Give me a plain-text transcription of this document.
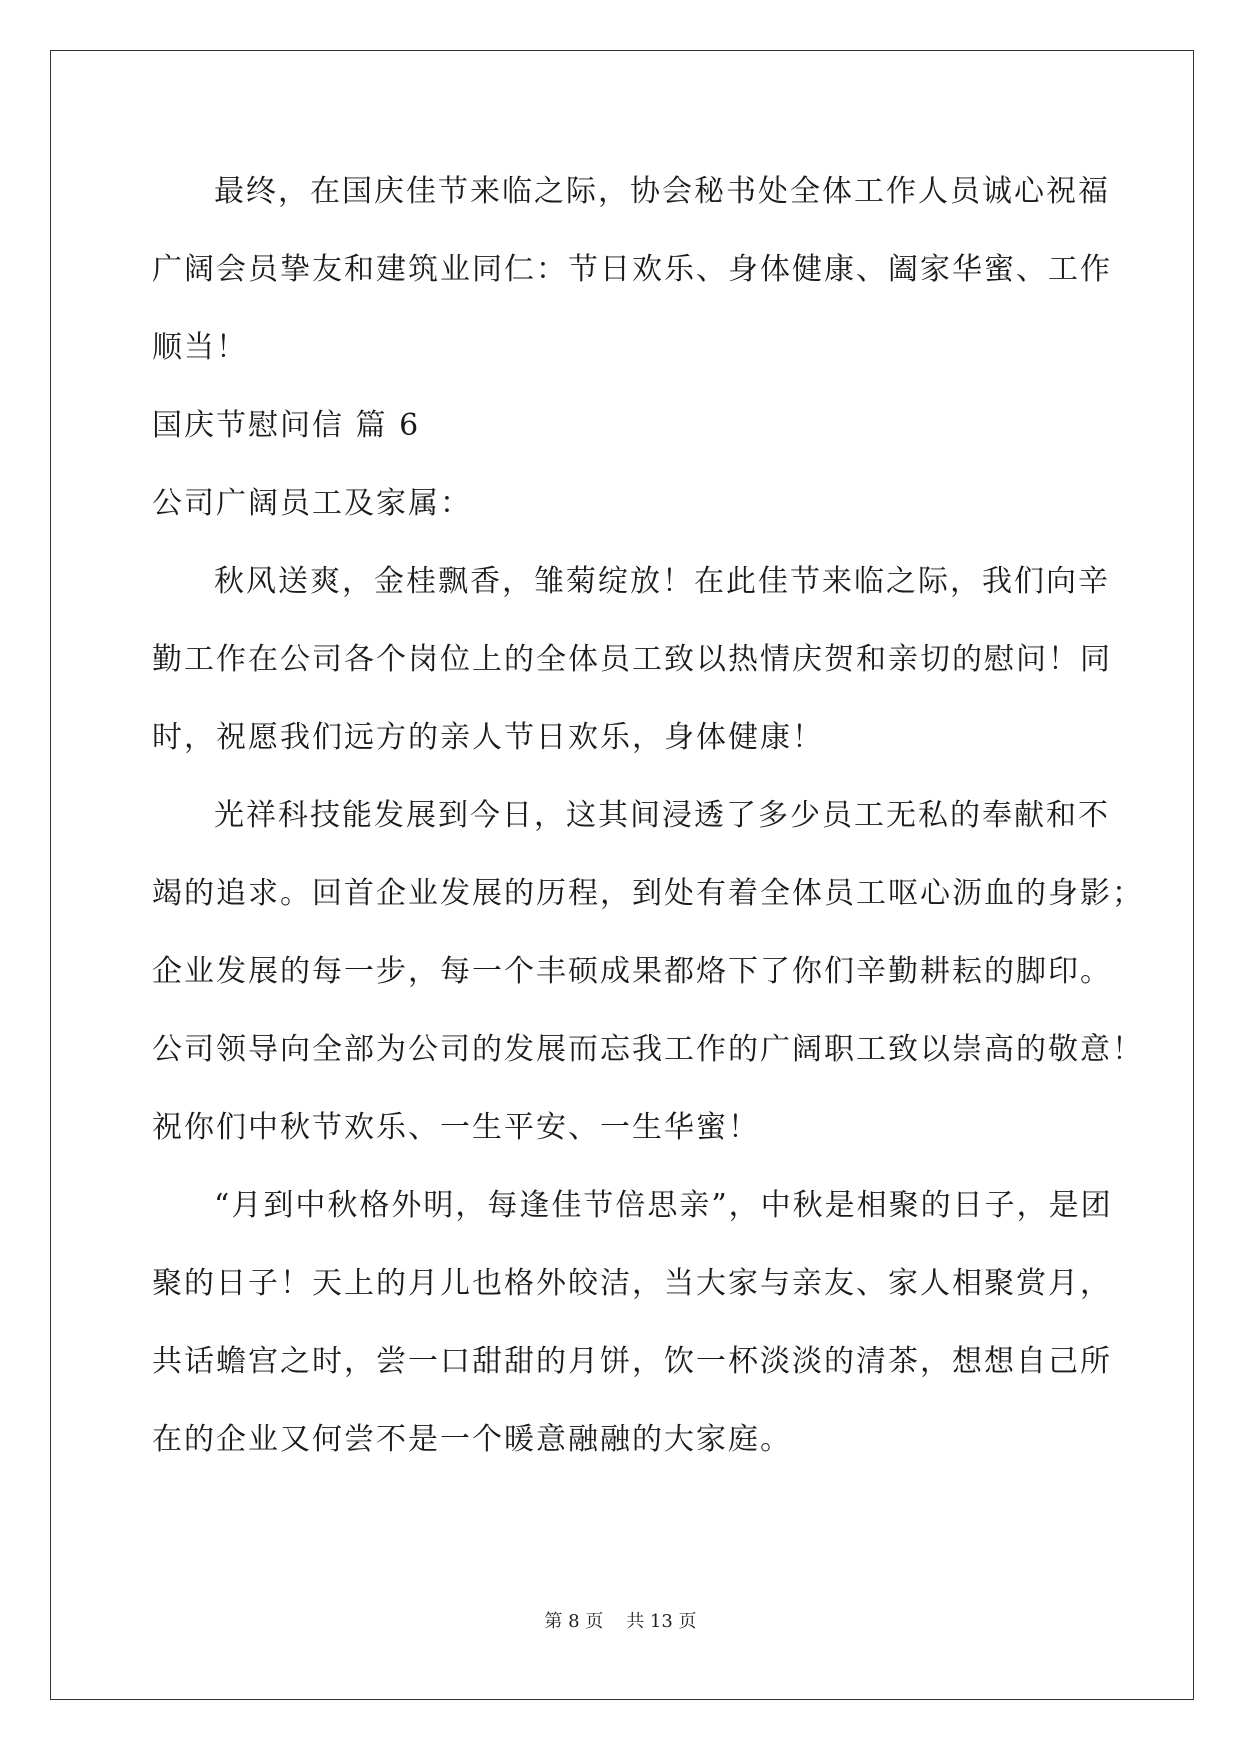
最终，在国庆佳节来临之际，协会秘书处全体工作人员诚心祝福
广阔会员挚友和建筑业同仁：节日欢乐、身体健康、阖家华蜜、工作
顺当！
国庆节慰问信 篇 6
公司广阔员工及家属：
秋风送爽，金桂飘香，雏菊绽放！在此佳节来临之际，我们向辛
勤工作在公司各个岗位上的全体员工致以热情庆贺和亲切的慰问！同
时，祝愿我们远方的亲人节日欢乐，身体健康！
光祥科技能发展到今日，这其间浸透了多少员工无私的奉献和不
竭的追求。回首企业发展的历程，到处有着全体员工呕心沥血的身影；
企业发展的每一步，每一个丰硕成果都烙下了你们辛勤耕耘的脚印。
公司领导向全部为公司的发展而忘我工作的广阔职工致以崇高的敬意！
祝你们中秋节欢乐、一生平安、一生华蜜！
“月到中秋格外明，每逢佳节倍思亲”，中秋是相聚的日子，是团
聚的日子！天上的月儿也格外皎洁，当大家与亲友、家人相聚赏月，
共话蟾宫之时，尝一口甜甜的月饼，饮一杯淡淡的清茶，想想自己所
在的企业又何尝不是一个暖意融融的大家庭。
第 8 页    共 13 页
